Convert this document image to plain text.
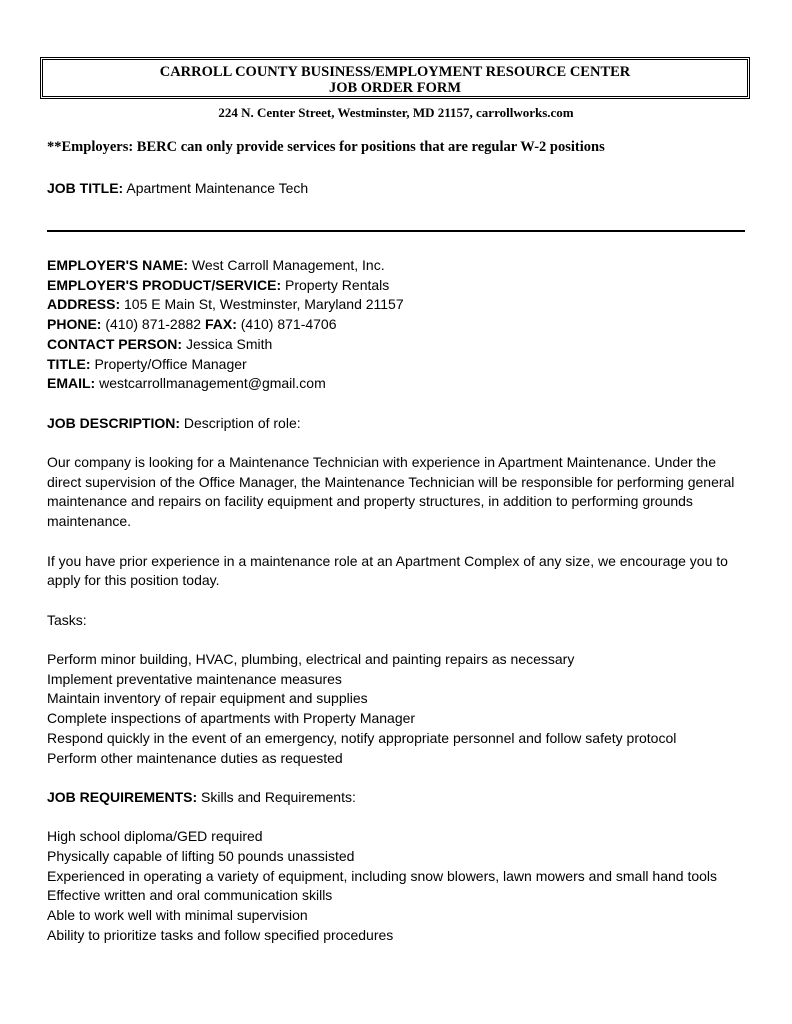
CARROLL COUNTY BUSINESS/EMPLOYMENT RESOURCE CENTER
JOB ORDER FORM
224 N. Center Street, Westminster, MD 21157, carrollworks.com
**Employers: BERC can only provide services for positions that are regular W-2 positions
JOB TITLE: Apartment Maintenance Tech
EMPLOYER'S NAME: West Carroll Management, Inc.
EMPLOYER'S PRODUCT/SERVICE: Property Rentals
ADDRESS: 105 E Main St, Westminster, Maryland 21157
PHONE: (410) 871-2882 FAX: (410) 871-4706
CONTACT PERSON: Jessica Smith
TITLE: Property/Office Manager
EMAIL: westcarrollmanagement@gmail.com
JOB DESCRIPTION: Description of role:
Our company is looking for a Maintenance Technician with experience in Apartment Maintenance. Under the direct supervision of the Office Manager, the Maintenance Technician will be responsible for performing general maintenance and repairs on facility equipment and property structures, in addition to performing grounds maintenance.
If you have prior experience in a maintenance role at an Apartment Complex of any size, we encourage you to apply for this position today.
Tasks:
Perform minor building, HVAC, plumbing, electrical and painting repairs as necessary
Implement preventative maintenance measures
Maintain inventory of repair equipment and supplies
Complete inspections of apartments with Property Manager
Respond quickly in the event of an emergency, notify appropriate personnel and follow safety protocol
Perform other maintenance duties as requested
JOB REQUIREMENTS: Skills and Requirements:
High school diploma/GED required
Physically capable of lifting 50 pounds unassisted
Experienced in operating a variety of equipment, including snow blowers, lawn mowers and small hand tools
Effective written and oral communication skills
Able to work well with minimal supervision
Ability to prioritize tasks and follow specified procedures
